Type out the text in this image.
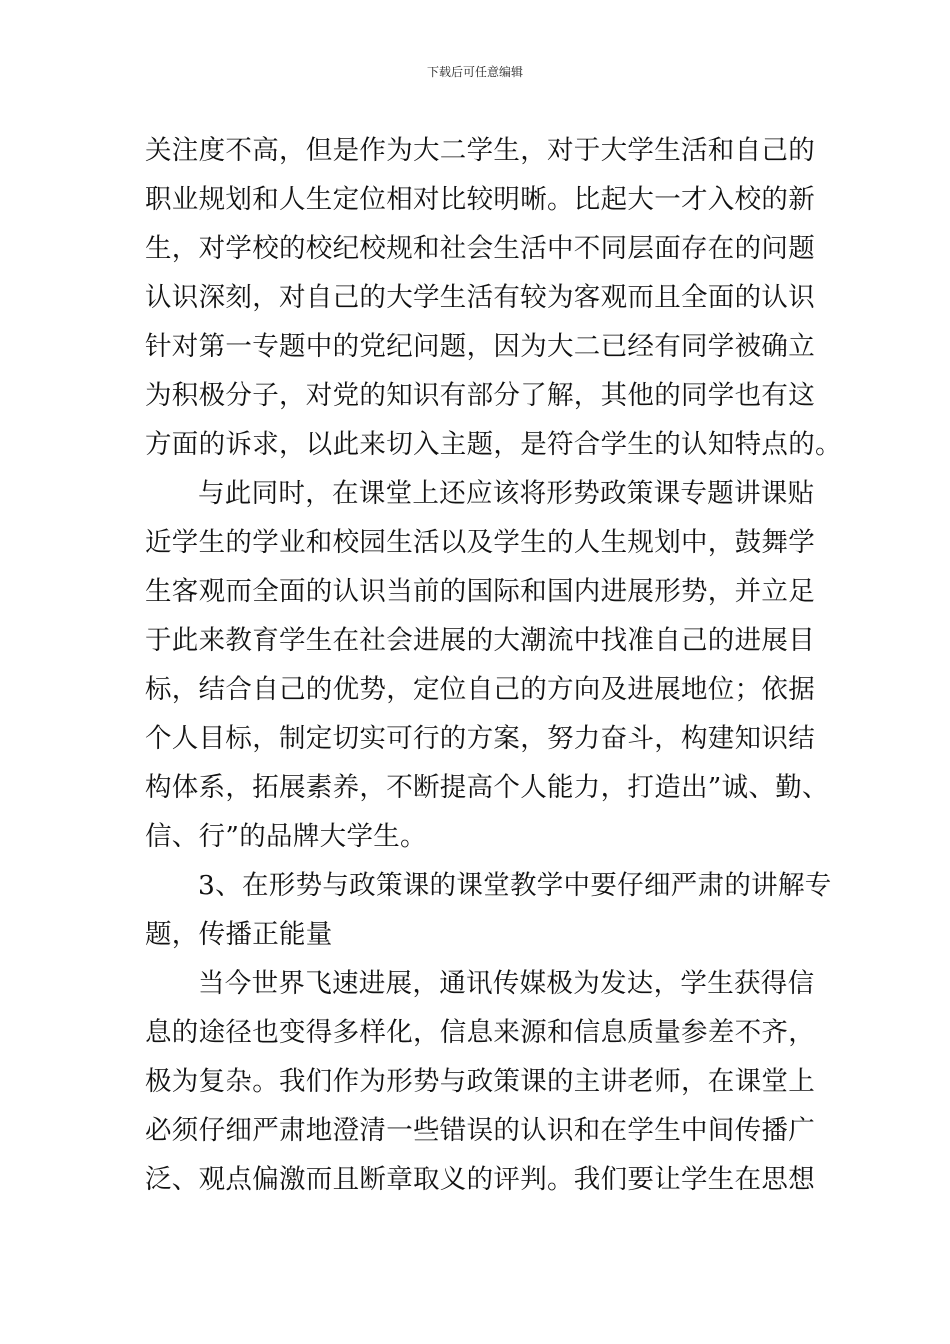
下载后可任意编辑
关注度不高，但是作为大二学生，对于大学生活和自己的
职业规划和人生定位相对比较明晰。比起大一才入校的新
生，对学校的校纪校规和社会生活中不同层面存在的问题
认识深刻，对自己的大学生活有较为客观而且全面的认识
针对第一专题中的党纪问题，因为大二已经有同学被确立
为积极分子，对党的知识有部分了解，其他的同学也有这
方面的诉求，以此来切入主题，是符合学生的认知特点的。
与此同时，在课堂上还应该将形势政策课专题讲课贴
近学生的学业和校园生活以及学生的人生规划中，鼓舞学
生客观而全面的认识当前的国际和国内进展形势，并立足
于此来教育学生在社会进展的大潮流中找准自己的进展目
标，结合自己的优势，定位自己的方向及进展地位；依据
个人目标，制定切实可行的方案，努力奋斗，构建知识结
构体系，拓展素养，不断提高个人能力，打造出”诚、勤、
信、行”的品牌大学生。
3、在形势与政策课的课堂教学中要仔细严肃的讲解专
题，传播正能量
当今世界飞速进展，通讯传媒极为发达，学生获得信
息的途径也变得多样化，信息来源和信息质量参差不齐，
极为复杂。我们作为形势与政策课的主讲老师，在课堂上
必须仔细严肃地澄清一些错误的认识和在学生中间传播广
泛、观点偏激而且断章取义的评判。我们要让学生在思想
